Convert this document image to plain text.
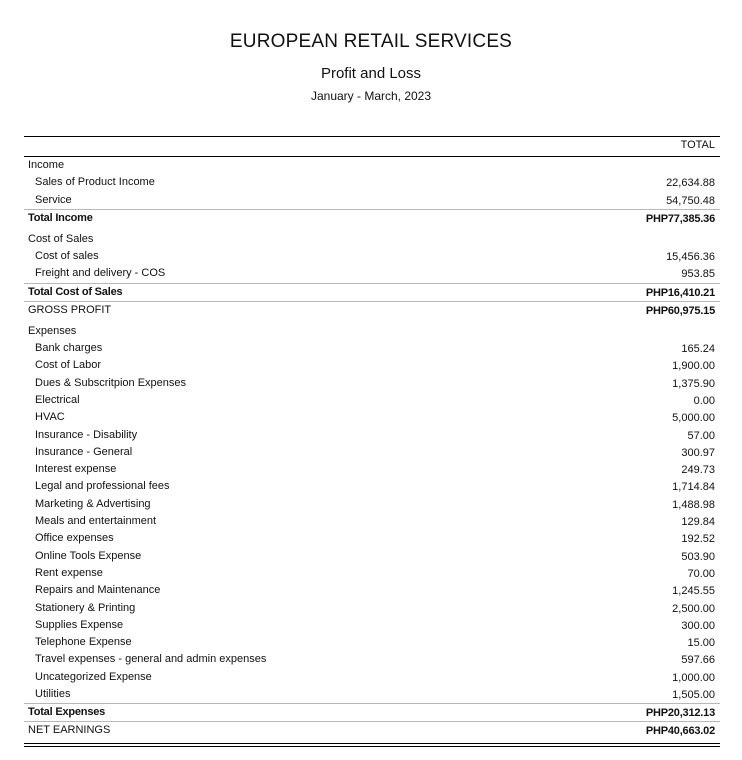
EUROPEAN RETAIL SERVICES
Profit and Loss
January - March, 2023
TOTAL
Income
Sales of Product Income	22,634.88
Service	54,750.48
Total Income	PHP77,385.36
Cost of Sales
Cost of sales	15,456.36
Freight and delivery - COS	953.85
Total Cost of Sales	PHP16,410.21
GROSS PROFIT	PHP60,975.15
Expenses
Bank charges	165.24
Cost of Labor	1,900.00
Dues & Subscritpion Expenses	1,375.90
Electrical	0.00
HVAC	5,000.00
Insurance - Disability	57.00
Insurance - General	300.97
Interest expense	249.73
Legal and professional fees	1,714.84
Marketing & Advertising	1,488.98
Meals and entertainment	129.84
Office expenses	192.52
Online Tools Expense	503.90
Rent expense	70.00
Repairs and Maintenance	1,245.55
Stationery & Printing	2,500.00
Supplies Expense	300.00
Telephone Expense	15.00
Travel expenses - general and admin expenses	597.66
Uncategorized Expense	1,000.00
Utilities	1,505.00
Total Expenses	PHP20,312.13
NET EARNINGS	PHP40,663.02
